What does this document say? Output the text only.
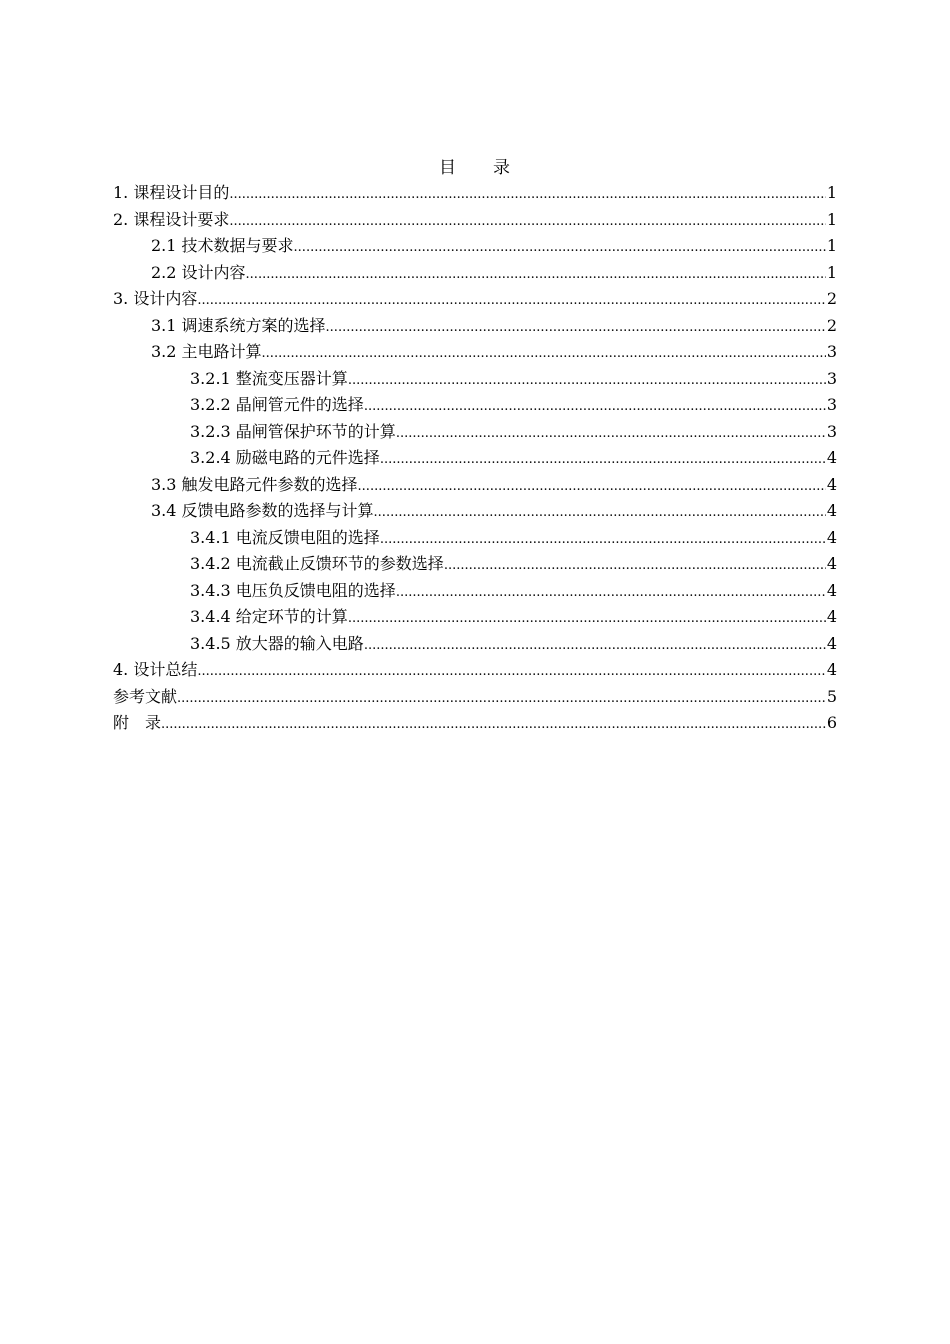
目　　录
1. 课程设计目的 .....	1
2. 课程设计要求 .....	1
2.1 技术数据与要求 .....	1
2.2 设计内容 .....	1
3. 设计内容 .....	2
3.1 调速系统方案的选择 .....	2
3.2 主电路计算 .....	3
3.2.1 整流变压器计算 .....	3
3.2.2 晶闸管元件的选择 .....	3
3.2.3 晶闸管保护环节的计算 .....	3
3.2.4 励磁电路的元件选择 .....	4
3.3 触发电路元件参数的选择 .....	4
3.4 反馈电路参数的选择与计算 .....	4
3.4.1 电流反馈电阻的选择 .....	4
3.4.2 电流截止反馈环节的参数选择 .....	4
3.4.3 电压负反馈电阻的选择 .....	4
3.4.4 给定环节的计算 .....	4
3.4.5 放大器的输入电路 .....	4
4. 设计总结 .....	4
参考文献 .....	5
附　录 .....	6
